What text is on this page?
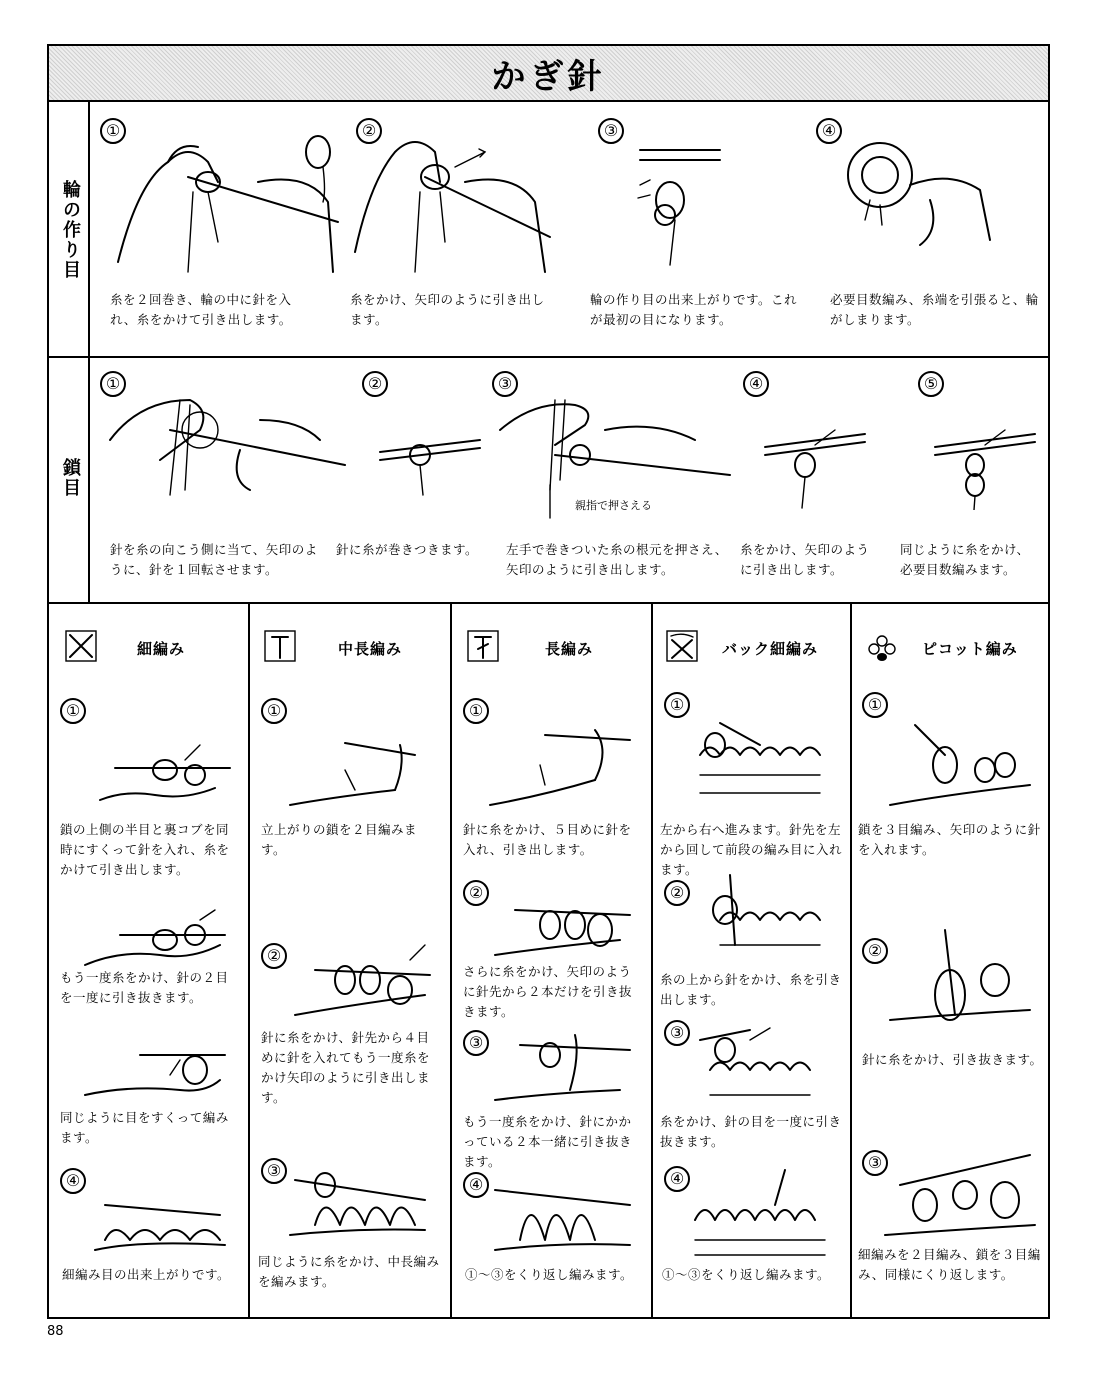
かぎ針
輪の作り目
①
糸を２回巻き、輪の中に針を入れ、糸をかけて引き出します。
②
糸をかけ、矢印のように引き出します。
③
輪の作り目の出来上がりです。これが最初の目になります。
④
必要目数編み、糸端を引張ると、輪がしまります。
鎖目
①
針を糸の向こう側に当て、矢印のように、針を１回転させます。
②
針に糸が巻きつきます。
③
親指で押さえる
左手で巻きついた糸の根元を押さえ、矢印のように引き出します。
④
糸をかけ、矢印のように引き出します。
⑤
同じように糸をかけ、必要目数編みます。
細編み
①
鎖の上側の半目と裏コブを同時にすくって針を入れ、糸をかけて引き出します。
もう一度糸をかけ、針の２目を一度に引き抜きます。
同じように目をすくって編みます。
④
細編み目の出来上がりです。
中長編み
①
立上がりの鎖を２目編みます。
②
針に糸をかけ、針先から４目めに針を入れてもう一度糸をかけ矢印のように引き出します。
③
同じように糸をかけ、中長編みを編みます。
長編み
①
針に糸をかけ、５目めに針を入れ、引き出します。
②
さらに糸をかけ、矢印のように針先から２本だけを引き抜きます。
③
もう一度糸をかけ、針にかかっている２本一緒に引き抜きます。
④
①～③をくり返し編みます。
バック細編み
①
左から右へ進みます。針先を左から回して前段の編み目に入れます。
②
糸の上から針をかけ、糸を引き出します。
③
糸をかけ、針の目を一度に引き抜きます。
④
①～③をくり返し編みます。
ピコット編み
①
鎖を３目編み、矢印のように針を入れます。
②
針に糸をかけ、引き抜きます。
③
細編みを２目編み、鎖を３目編み、同様にくり返します。
88
